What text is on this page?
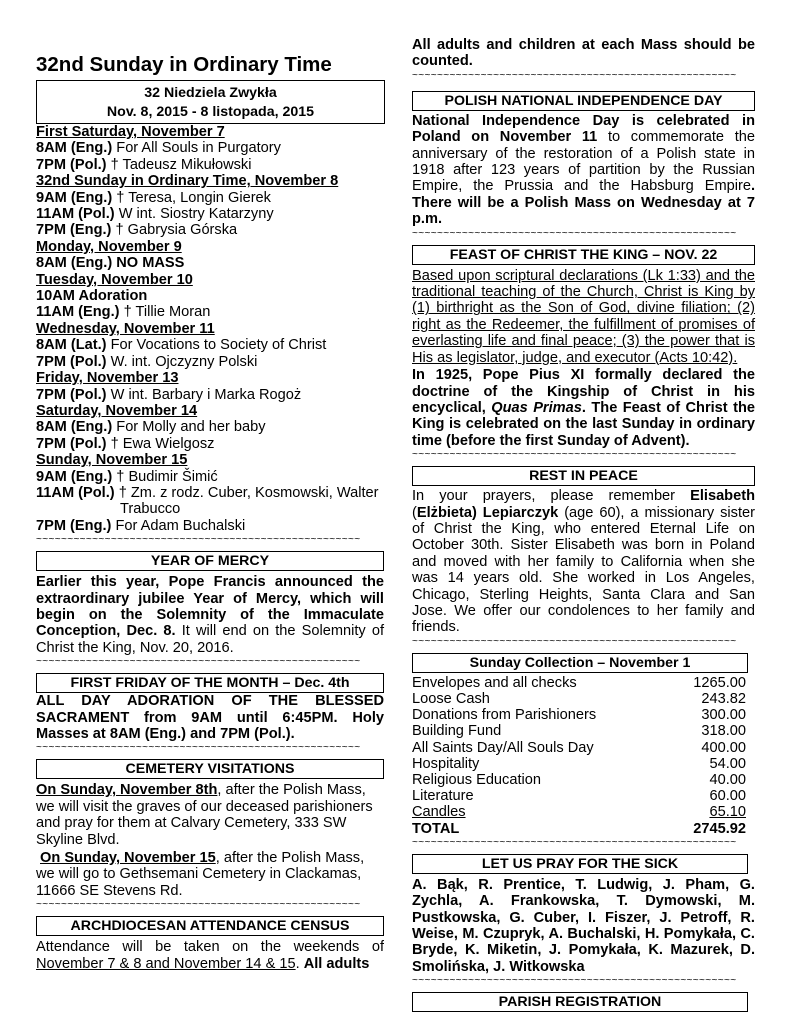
32nd Sunday in Ordinary Time
32 Niedziela Zwykła
Nov. 8, 2015 - 8 listopada, 2015
First Saturday, November 7
8AM (Eng.) For All Souls in Purgatory
7PM (Pol.) † Tadeusz Mikułowski
32nd Sunday in Ordinary Time, November 8
9AM (Eng.) † Teresa, Longin Gierek
11AM (Pol.) W int. Siostry Katarzyny
7PM (Eng.) † Gabrysia Górska
Monday, November 9
8AM (Eng.) NO MASS
Tuesday, November 10
10AM Adoration
11AM (Eng.) † Tillie Moran
Wednesday, November 11
8AM (Lat.) For Vocations to Society of Christ
7PM (Pol.) W. int. Ojczyzny Polski
Friday, November 13
7PM (Pol.) W int. Barbary i Marka Rogoż
Saturday, November 14
8AM (Eng.) For Molly and her baby
7PM (Pol.) † Ewa Wielgosz
Sunday, November 15
9AM (Eng.) † Budimir Šimić
11AM (Pol.) † Zm. z rodz. Cuber, Kosmowski, Walter
Trabucco
7PM (Eng.) For Adam Buchalski
~~~~~~~~~~~~~~~~~~~~~~~~~~~~~~~~~~~~~~~~~~~~~~~~~~~~
YEAR OF MERCY

Earlier this year, Pope Francis announced the extraordinary jubilee Year of Mercy, which will begin on the Solemnity of the Immaculate Conception, Dec. 8. It will end on the Solemnity of Christ the King, Nov. 20, 2016.

~~~~~~~~~~~~~~~~~~~~~~~~~~~~~~~~~~~~~~~~~~~~~~~~~~~~
FIRST FRIDAY OF THE MONTH – Dec. 4th

ALL DAY ADORATION OF THE BLESSED SACRAMENT from 9AM until 6:45PM. Holy Masses at 8AM (Eng.) and 7PM (Pol.).

~~~~~~~~~~~~~~~~~~~~~~~~~~~~~~~~~~~~~~~~~~~~~~~~~~~~
CEMETERY VISITATIONS

On Sunday, November 8th, after the Polish Mass, we will visit the graves of our deceased parishioners and pray for them at Calvary Cemetery, 333 SW Skyline Blvd.

On Sunday, November 15, after the Polish Mass, we will go to Gethsemani Cemetery in Clackamas, 11666 SE Stevens Rd.

~~~~~~~~~~~~~~~~~~~~~~~~~~~~~~~~~~~~~~~~~~~~~~~~~~~~
ARCHDIOCESAN ATTENDANCE CENSUS

Attendance will be taken on the weekends of November 7 & 8 and November 14 & 15. All adults

All adults and children at each Mass should be counted.

~~~~~~~~~~~~~~~~~~~~~~~~~~~~~~~~~~~~~~~~~~~~~~~~~~~~
POLISH NATIONAL INDEPENDENCE DAY

National Independence Day is celebrated in Poland on November 11 to commemorate the anniversary of the restoration of a Polish state in 1918 after 123 years of partition by the Russian Empire, the Prussia and the Habsburg Empire. There will be a Polish Mass on Wednesday at 7 p.m.

~~~~~~~~~~~~~~~~~~~~~~~~~~~~~~~~~~~~~~~~~~~~~~~~~~~~
FEAST OF CHRIST THE KING – NOV. 22

Based upon scriptural declarations (Lk 1:33) and the traditional teaching of the Church, Christ is King by (1) birthright as the Son of God, divine filiation; (2) right as the Redeemer, the fulfillment of promises of everlasting life and final peace; (3) the power that is His as legislator, judge, and executor (Acts 10:42).

In 1925, Pope Pius XI formally declared the doctrine of the Kingship of Christ in his encyclical, Quas Primas. The Feast of Christ the King is celebrated on the last Sunday in ordinary time (before the first Sunday of Advent).

~~~~~~~~~~~~~~~~~~~~~~~~~~~~~~~~~~~~~~~~~~~~~~~~~~~~
REST IN PEACE

In your prayers, please remember Elisabeth (Elżbieta) Lepiarczyk (age 60), a missionary sister of Christ the King, who entered Eternal Life on October 30th. Sister Elisabeth was born in Poland and moved with her family to California when she was 14 years old. She worked in Los Angeles, Chicago, Sterling Heights, Santa Clara and San Jose. We offer our condolences to her family and friends.

~~~~~~~~~~~~~~~~~~~~~~~~~~~~~~~~~~~~~~~~~~~~~~~~~~~~
Sunday Collection – November 1
Envelopes and all checks	1265.00
Loose Cash	243.82
Donations from Parishioners	300.00
Building Fund	318.00
All Saints Day/All Souls Day	400.00
Hospitality	54.00
Religious Education	40.00
Literature	60.00
Candles	65.10
TOTAL	2745.92
~~~~~~~~~~~~~~~~~~~~~~~~~~~~~~~~~~~~~~~~~~~~~~~~~~~~
LET US PRAY FOR THE SICK

A. Bąk, R. Prentice, T. Ludwig, J. Pham, G. Zychla, A. Frankowska, T. Dymowski, M. Pustkowska, G. Cuber, I. Fiszer, J. Petroff, R. Weise, M. Czupryk, A. Buchalski, H. Pomykała, C. Bryde, K. Miketin, J. Pomykała, K. Mazurek, D. Smolińska, J. Witkowska

~~~~~~~~~~~~~~~~~~~~~~~~~~~~~~~~~~~~~~~~~~~~~~~~~~~~
PARISH REGISTRATION
